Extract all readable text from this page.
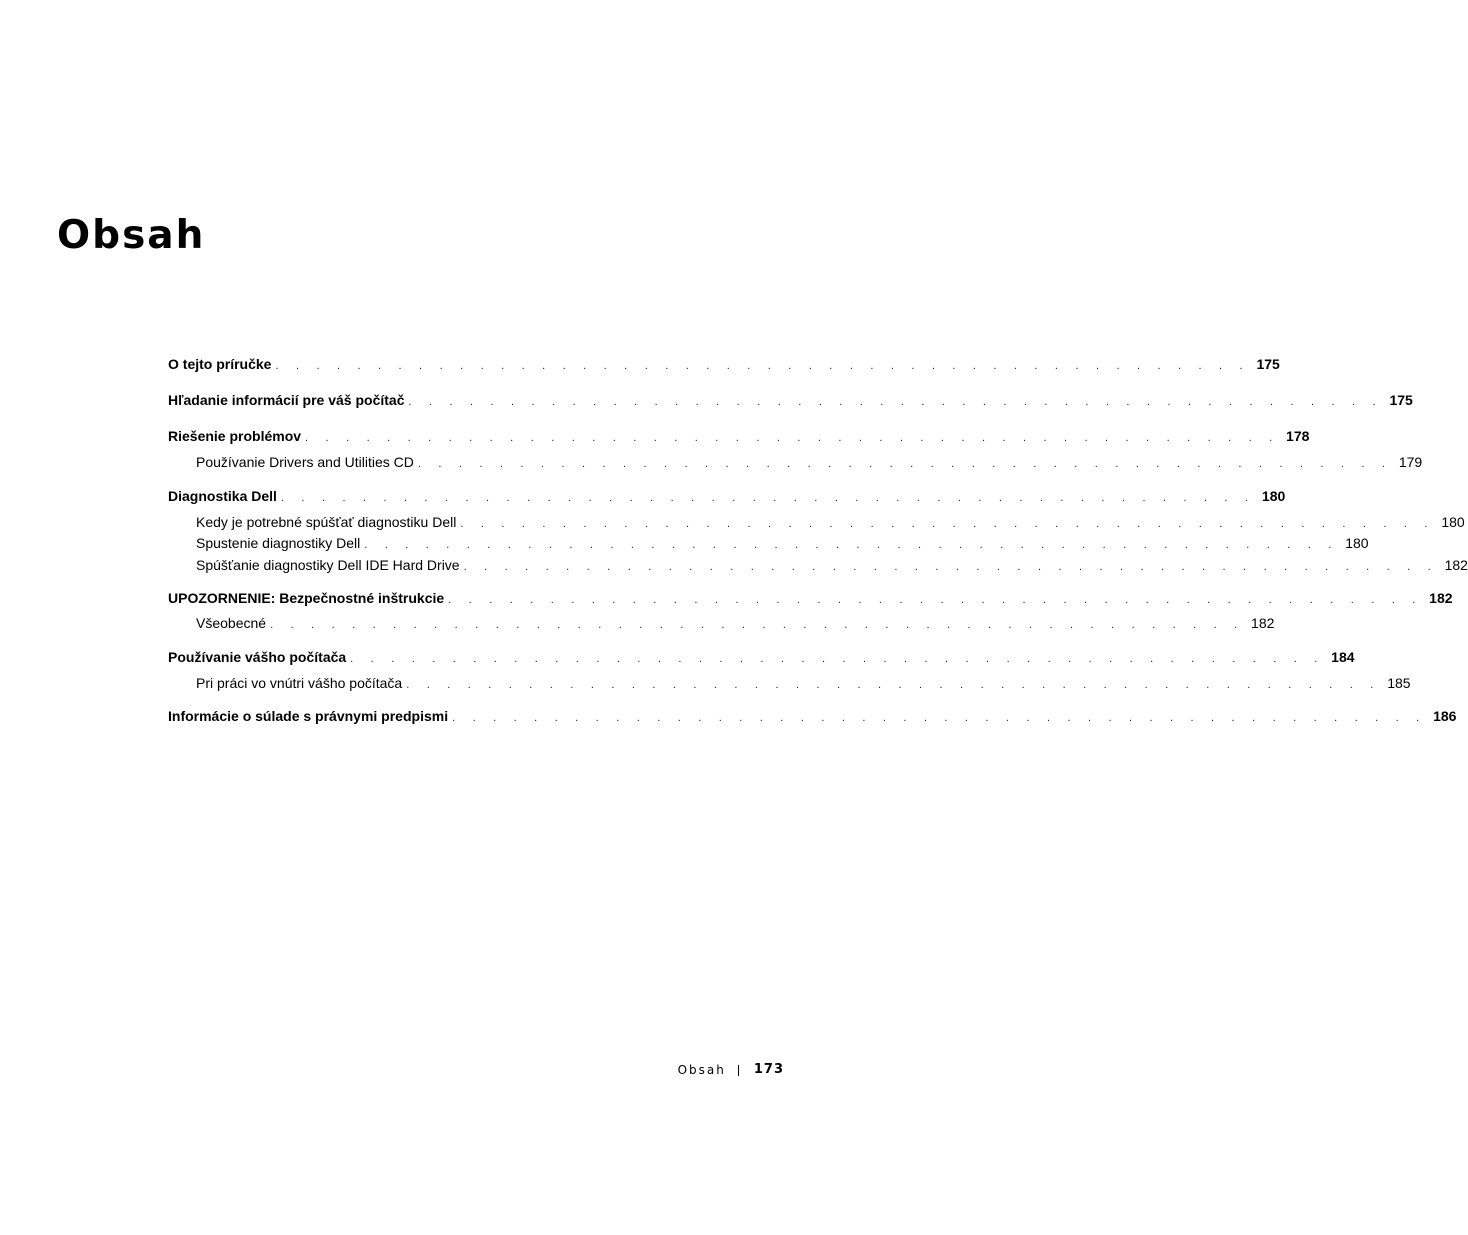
Obsah
O tejto príručke . . . . . . . . . . . . . . . . . . . . . . . . . . . . . . . . . . . . . . . . . . . . . . . . 175
Hľadanie informácií pre váš počítač . . . . . . . . . . . . . . . . . . . . . . . . . . . . . . . . . . . . . . . . . . . . . . . . 175
Riešenie problémov . . . . . . . . . . . . . . . . . . . . . . . . . . . . . . . . . . . . . . . . . . . . . . . . 178
Používanie Drivers and Utilities CD . . . . . . . . . . . . . . . . . . . . . . . . . . . . . . . . . . . . . . . . . . . . . . . . 179
Diagnostika Dell . . . . . . . . . . . . . . . . . . . . . . . . . . . . . . . . . . . . . . . . . . . . . . . . 180
Kedy je potrebné spúšťať diagnostiku Dell . . . . . . . . . . . . . . . . . . . . . . . . . . . . . . . . . . . . . . . . . . . . . . . . 180
Spustenie diagnostiky Dell . . . . . . . . . . . . . . . . . . . . . . . . . . . . . . . . . . . . . . . . . . . . . . . . 180
Spúšťanie diagnostiky Dell IDE Hard Drive . . . . . . . . . . . . . . . . . . . . . . . . . . . . . . . . . . . . . . . . . . . . . . . . 182
UPOZORNENIE: Bezpečnostné inštrukcie . . . . . . . . . . . . . . . . . . . . . . . . . . . . . . . . . . . . . . . . . . . . . . . . 182
Všeobecné . . . . . . . . . . . . . . . . . . . . . . . . . . . . . . . . . . . . . . . . . . . . . . . . 182
Používanie vášho počítača . . . . . . . . . . . . . . . . . . . . . . . . . . . . . . . . . . . . . . . . . . . . . . . . 184
Pri práci vo vnútri vášho počítača . . . . . . . . . . . . . . . . . . . . . . . . . . . . . . . . . . . . . . . . . . . . . . . . 185
Informácie o súlade s právnymi predpismi . . . . . . . . . . . . . . . . . . . . . . . . . . . . . . . . . . . . . . . . . . . . . . . . 186
Obsah 173
